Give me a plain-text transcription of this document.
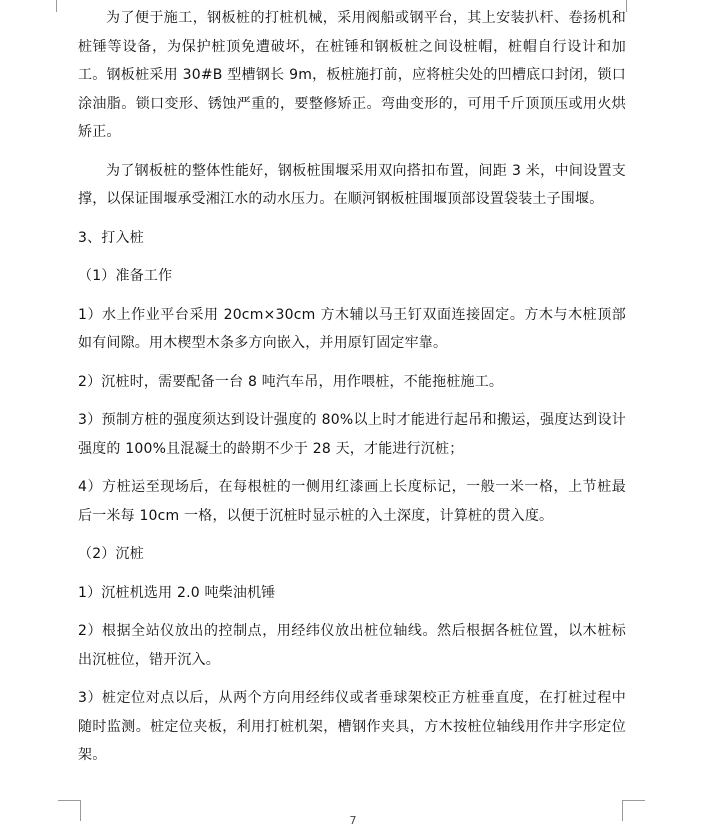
为了便于施工，钢板桩的打桩机械，采用阀船或钢平台，其上安装扒杆、卷扬机和桩锤等设备，为保护桩顶免遭破坏，在桩锤和钢板桩之间设桩帽，桩帽自行设计和加工。钢板桩采用 30#B 型槽钢长 9m，板桩施打前，应将桩尖处的凹槽底口封闭，锁口涂油脂。锁口变形、锈蚀严重的，要整修矫正。弯曲变形的，可用千斤顶顶压或用火烘矫正。

为了钢板桩的整体性能好，钢板桩围堰采用双向搭扣布置，间距 3 米，中间设置支撑，以保证围堰承受湘江水的动水压力。在顺河钢板桩围堰顶部设置袋装土子围堰。

3、打入桩

（1）准备工作

1）水上作业平台采用 20cm×30cm 方木辅以马王钉双面连接固定。方木与木桩顶部如有间隙。用木楔型木条多方向嵌入，并用原钉固定牢靠。

2）沉桩时，需要配备一台 8 吨汽车吊，用作喂桩，不能拖桩施工。

3）预制方桩的强度须达到设计强度的 80%以上时才能进行起吊和搬运，强度达到设计强度的 100%且混凝土的龄期不少于 28 天，才能进行沉桩；

4）方桩运至现场后，在每根桩的一侧用红漆画上长度标记，一般一米一格，上节桩最后一米每 10cm 一格，以便于沉桩时显示桩的入土深度，计算桩的贯入度。

（2）沉桩

1）沉桩机选用 2.0 吨柴油机锤

2）根据全站仪放出的控制点，用经纬仪放出桩位轴线。然后根据各桩位置，以木桩标出沉桩位，错开沉入。

3）桩定位对点以后，从两个方向用经纬仪或者垂球架校正方桩垂直度，在打桩过程中随时监测。桩定位夹板，利用打桩机架，槽钢作夹具，方木按桩位轴线用作井字形定位架。

7
